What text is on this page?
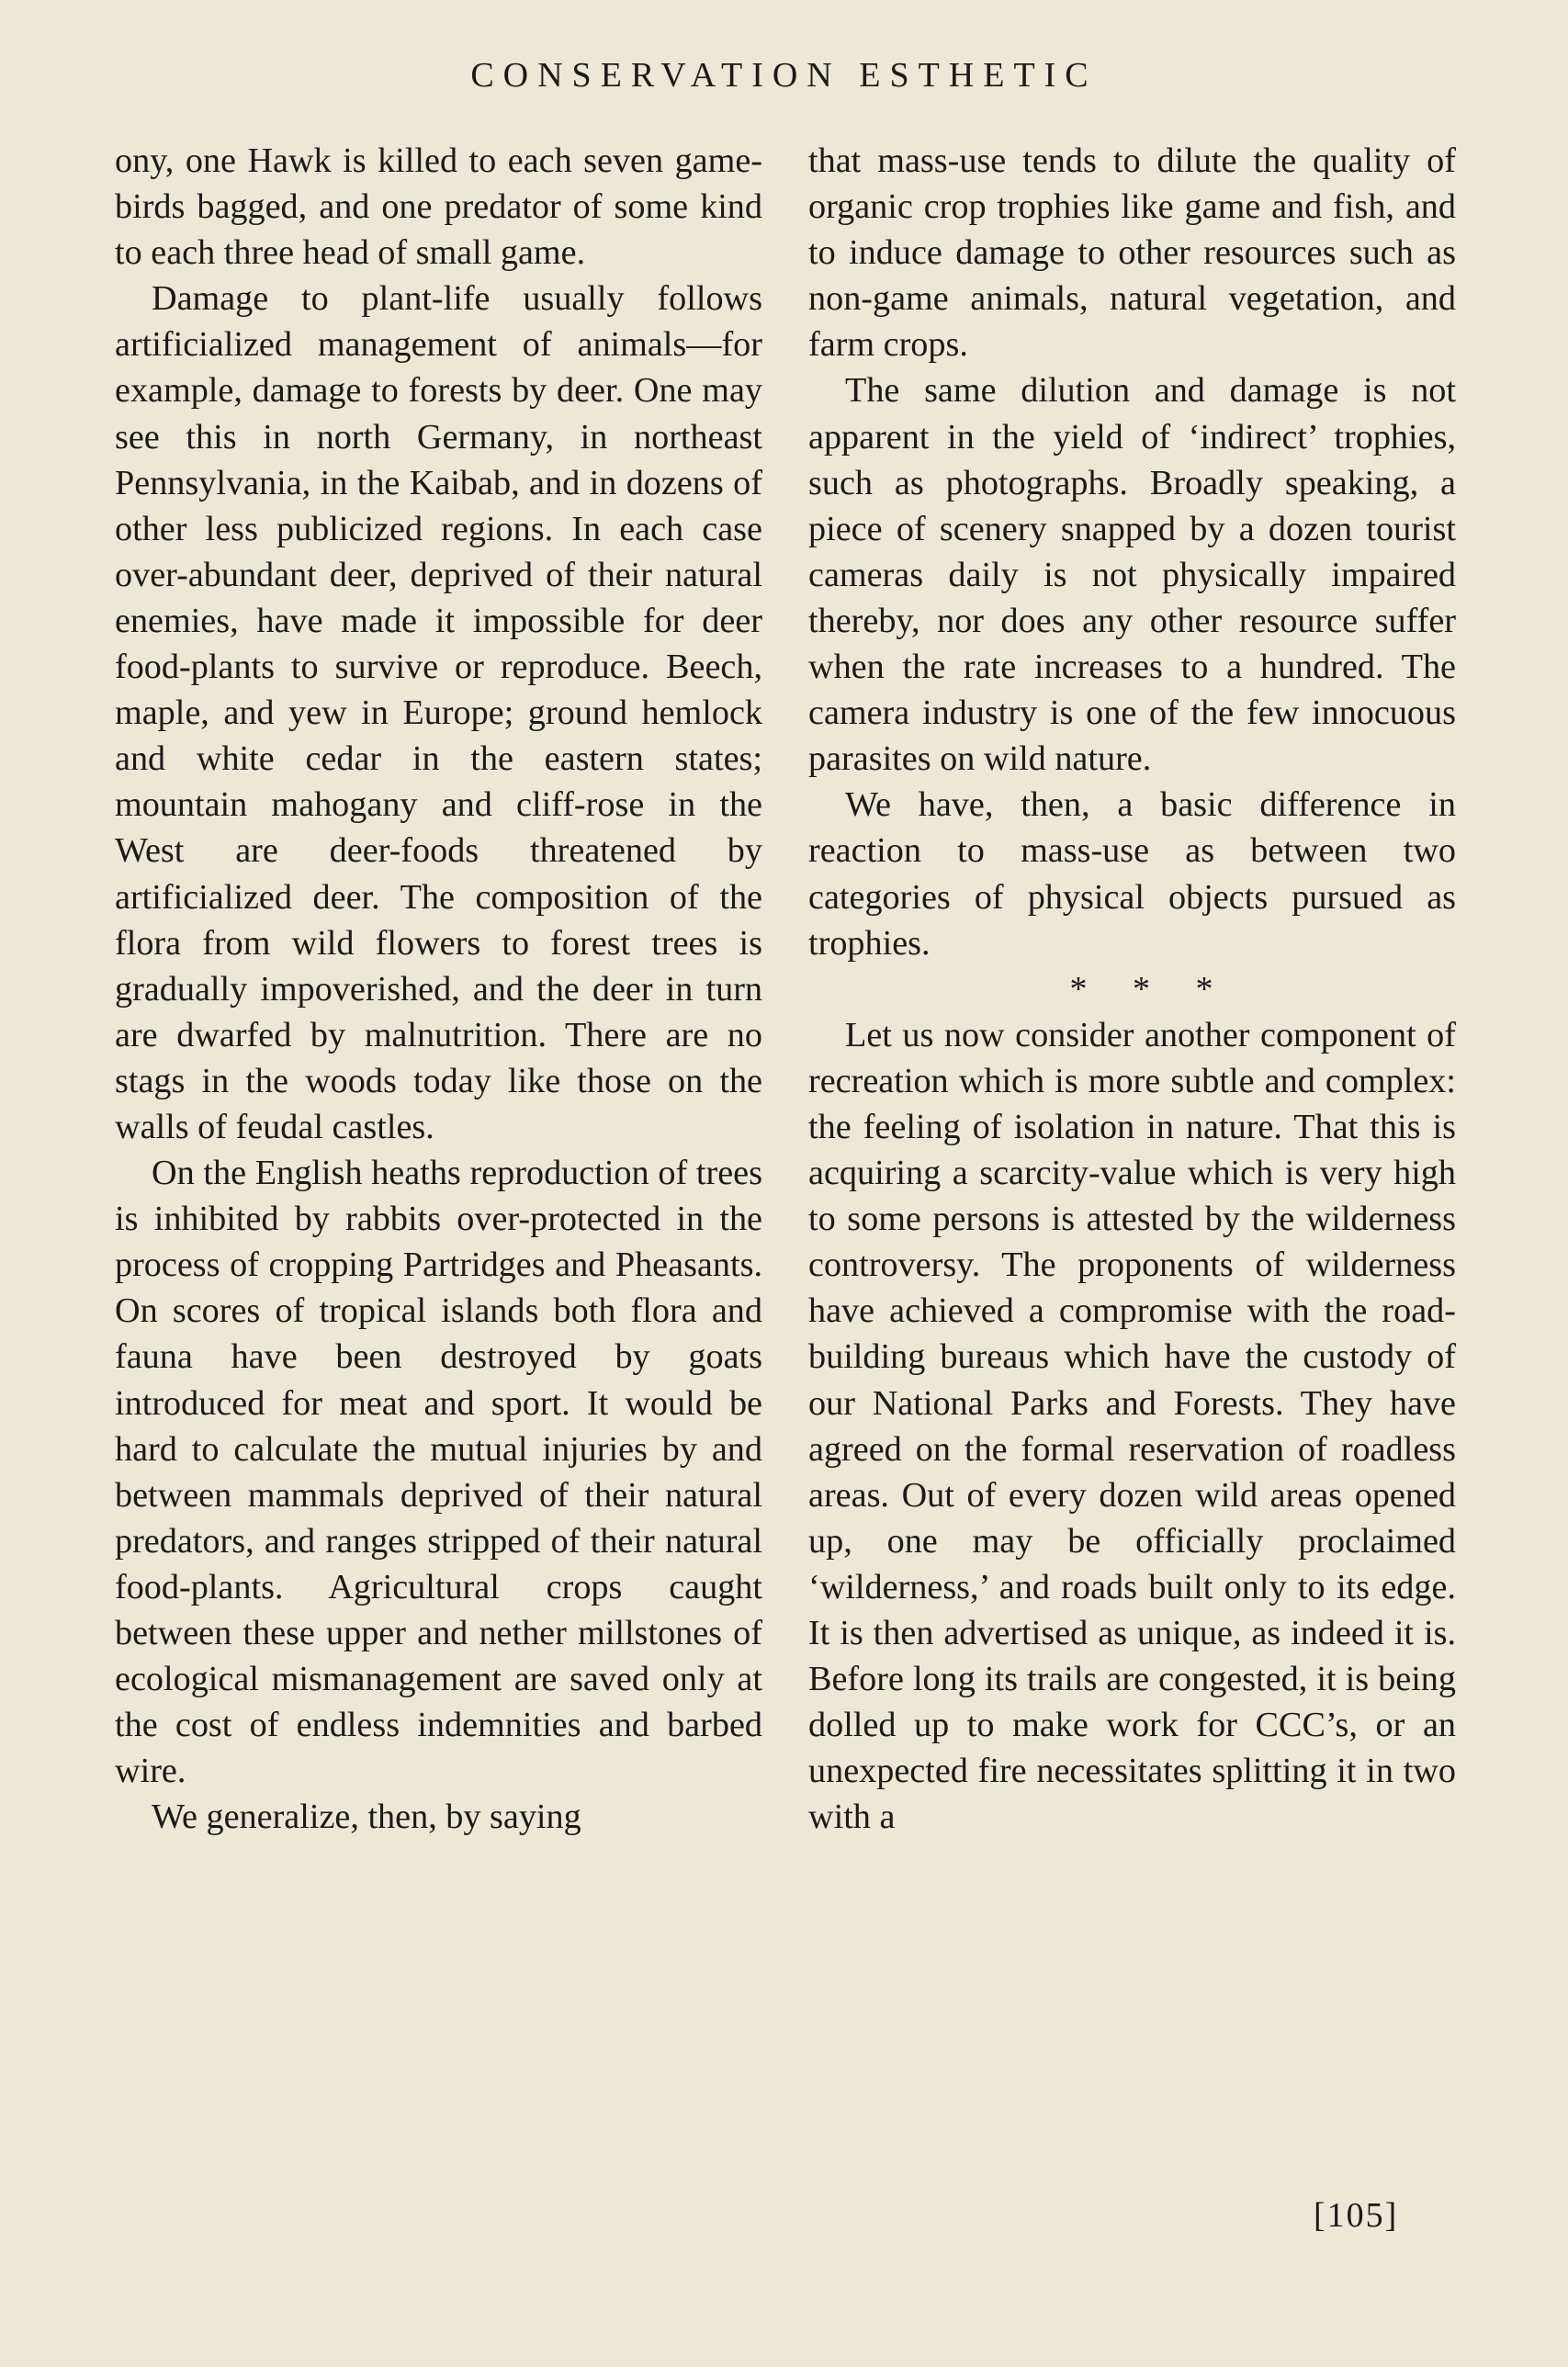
CONSERVATION ESTHETIC

ony, one Hawk is killed to each seven game-birds bagged, and one predator of some kind to each three head of small game.

Damage to plant-life usually follows artificialized management of animals—for example, damage to forests by deer. One may see this in north Germany, in northeast Pennsylvania, in the Kaibab, and in dozens of other less publicized regions. In each case over-abundant deer, deprived of their natural enemies, have made it impossible for deer food-plants to survive or reproduce. Beech, maple, and yew in Europe; ground hemlock and white cedar in the eastern states; mountain mahogany and cliff-rose in the West are deer-foods threatened by artificialized deer. The composition of the flora from wild flowers to forest trees is gradually impoverished, and the deer in turn are dwarfed by malnutrition. There are no stags in the woods today like those on the walls of feudal castles.

On the English heaths reproduction of trees is inhibited by rabbits over-protected in the process of cropping Partridges and Pheasants. On scores of tropical islands both flora and fauna have been destroyed by goats introduced for meat and sport. It would be hard to calculate the mutual injuries by and between mammals deprived of their natural predators, and ranges stripped of their natural food-plants. Agricultural crops caught between these upper and nether millstones of ecological mismanagement are saved only at the cost of endless indemnities and barbed wire.

We generalize, then, by saying

that mass-use tends to dilute the quality of organic crop trophies like game and fish, and to induce damage to other resources such as non-game animals, natural vegetation, and farm crops.

The same dilution and damage is not apparent in the yield of ‘indirect’ trophies, such as photographs. Broadly speaking, a piece of scenery snapped by a dozen tourist cameras daily is not physically impaired thereby, nor does any other resource suffer when the rate increases to a hundred. The camera industry is one of the few innocuous parasites on wild nature.

We have, then, a basic difference in reaction to mass-use as between two categories of physical objects pursued as trophies.

* * *

Let us now consider another component of recreation which is more subtle and complex: the feeling of isolation in nature. That this is acquiring a scarcity-value which is very high to some persons is attested by the wilderness controversy. The proponents of wilderness have achieved a compromise with the road-building bureaus which have the custody of our National Parks and Forests. They have agreed on the formal reservation of roadless areas. Out of every dozen wild areas opened up, one may be officially proclaimed ‘wilderness,’ and roads built only to its edge. It is then advertised as unique, as indeed it is. Before long its trails are congested, it is being dolled up to make work for CCC’s, or an unexpected fire necessitates splitting it in two with a

[105]
